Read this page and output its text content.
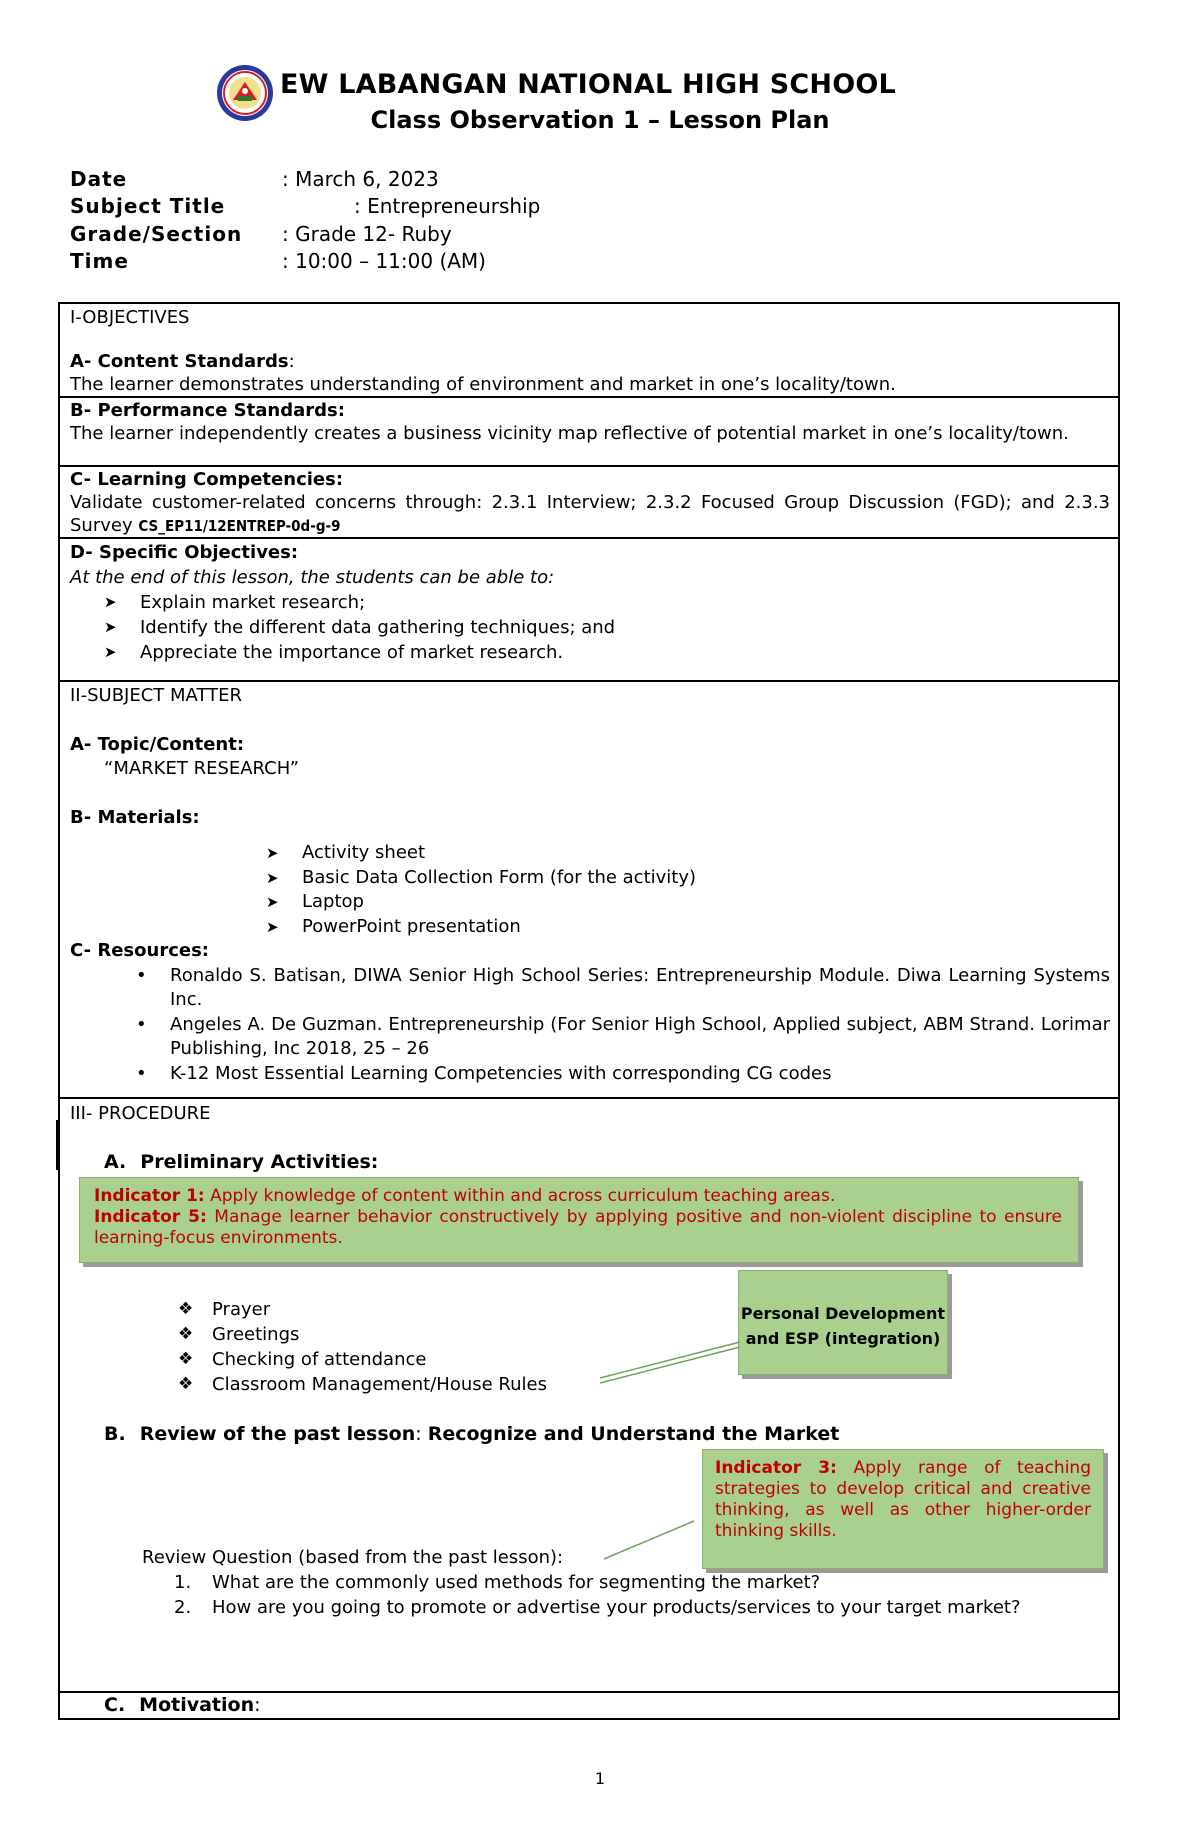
EW LABANGAN NATIONAL HIGH SCHOOL
Class Observation 1 – Lesson Plan
Date	: March 6, 2023
Subject Title	: Entrepreneurship
Grade/Section : Grade 12- Ruby
Time	: 10:00 – 11:00 (AM)
I-OBJECTIVES
A- Content Standards:
The learner demonstrates understanding of environment and market in one’s locality/town.
B- Performance Standards:
The learner independently creates a business vicinity map reflective of potential market in one’s locality/town.
C- Learning Competencies:
Validate customer-related concerns through: 2.3.1 Interview; 2.3.2 Focused Group Discussion (FGD); and 2.3.3 Survey CS_EP11/12ENTREP-0d-g-9
D- Specific Objectives:
At the end of this lesson, the students can be able to:
➤ Explain market research;
➤ Identify the different data gathering techniques; and
➤ Appreciate the importance of market research.
II-SUBJECT MATTER
A- Topic/Content:
“MARKET RESEARCH”
B- Materials:
➤ Activity sheet
➤ Basic Data Collection Form (for the activity)
➤ Laptop
➤ PowerPoint presentation
C- Resources:
• Ronaldo S. Batisan, DIWA Senior High School Series: Entrepreneurship Module. Diwa Learning Systems Inc.
• Angeles A. De Guzman. Entrepreneurship (For Senior High School, Applied subject, ABM Strand. Lorimar Publishing, Inc 2018, 25 – 26
• K-12 Most Essential Learning Competencies with corresponding CG codes
III- PROCEDURE
A. Preliminary Activities:
Indicator 1: Apply knowledge of content within and across curriculum teaching areas.
Indicator 5: Manage learner behavior constructively by applying positive and non-violent discipline to ensure learning-focus environments.
❖ Prayer
❖ Greetings
❖ Checking of attendance
❖ Classroom Management/House Rules
Personal Development
and ESP (integration)
B. Review of the past lesson: Recognize and Understand the Market
Indicator 3: Apply range of teaching strategies to develop critical and creative thinking, as well as other higher-order thinking skills.
Review Question (based from the past lesson):
1. What are the commonly used methods for segmenting the market?
2. How are you going to promote or advertise your products/services to your target market?
C. Motivation:
1
